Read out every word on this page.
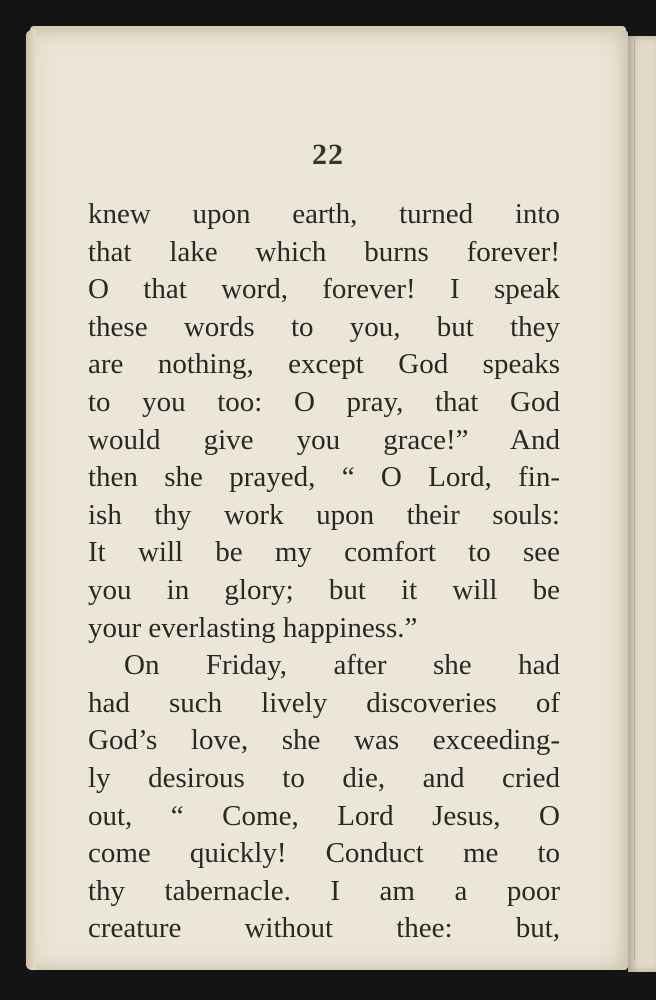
22
knew upon earth, turned into
that lake which burns forever!
O that word, forever! I speak
these words to you, but they
are nothing, except God speaks
to you too: O pray, that God
would give you grace!” And
then she prayed, “ O Lord, fin-
ish thy work upon their souls:
It will be my comfort to see
you in glory; but it will be
your everlasting happiness.”
On Friday, after she had
had such lively discoveries of
God’s love, she was exceeding-
ly desirous to die, and cried
out, “ Come, Lord Jesus, O
come quickly! Conduct me to
thy tabernacle. I am a poor
creature without thee: but,
